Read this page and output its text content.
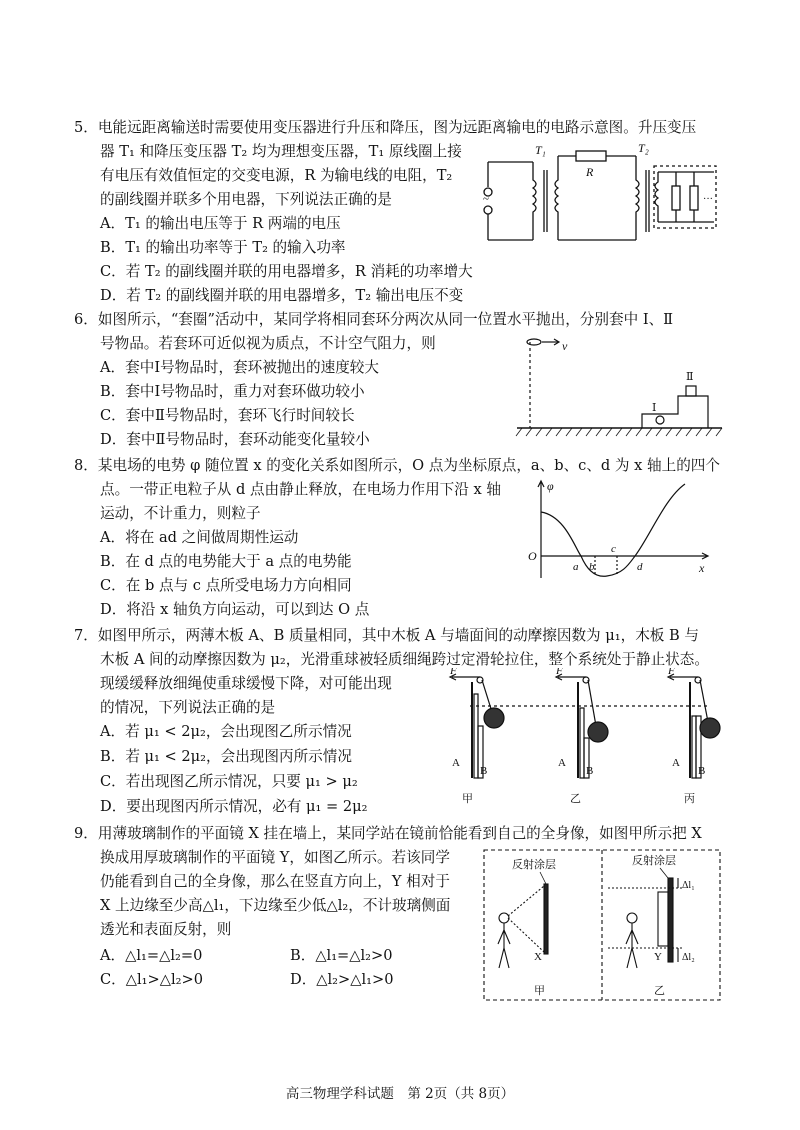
5．电能远距离输送时需要使用变压器进行升压和降压，图为远距离输电的电路示意图。升压变压
器 T₁ 和降压变压器 T₂ 均为理想变压器，T₁ 原线圈上接
有电压有效值恒定的交变电源，R 为输电线的电阻，T₂
的副线圈并联多个用电器，下列说法正确的是
A．T₁ 的输出电压等于 R 两端的电压
B．T₁ 的输出功率等于 T₂ 的输入功率
C．若 T₂ 的副线圈并联的用电器增多，R 消耗的功率增大
D．若 T₂ 的副线圈并联的用电器增多，T₂ 输出电压不变
~
T₁
R
T₂
···
6．如图所示，“套圈”活动中，某同学将相同套环分两次从同一位置水平抛出，分别套中 Ⅰ、Ⅱ
号物品。若套环可近似视为质点，不计空气阻力，则
A．套中Ⅰ号物品时，套环被抛出的速度较大
B．套中Ⅰ号物品时，重力对套环做功较小
C．套中Ⅱ号物品时，套环飞行时间较长
D．套中Ⅱ号物品时，套环动能变化量较小
v
Ⅰ
Ⅱ
8．某电场的电势 φ 随位置 x 的变化关系如图所示，O 点为坐标原点，a、b、c、d 为 x 轴上的四个
点。一带正电粒子从 d 点由静止释放，在电场力作用下沿 x 轴
运动，不计重力，则粒子
A．将在 ad 之间做周期性运动
B．在 d 点的电势能大于 a 点的电势能
C．在 b 点与 c 点所受电场力方向相同
D．将沿 x 轴负方向运动，可以到达 O 点
φ
x
O
a b
c
d
7．如图甲所示，两薄木板 A、B 质量相同，其中木板 A 与墙面间的动摩擦因数为 μ₁，木板 B 与
木板 A 间的动摩擦因数为 μ₂，光滑重球被轻质细绳跨过定滑轮拉住，整个系统处于静止状态。
现缓缓释放细绳使重球缓慢下降，对可能出现
的情况，下列说法正确的是
A．若 μ₁ < 2μ₂，会出现图乙所示情况
B．若 μ₁ < 2μ₂，会出现图丙所示情况
C．若出现图乙所示情况，只要 μ₁ > μ₂
D．要出现图丙所示情况，必有 μ₁ = 2μ₂
F
A
B
甲
F
A
B
乙
F
A
B
丙
9．用薄玻璃制作的平面镜 X 挂在墙上，某同学站在镜前恰能看到自己的全身像，如图甲所示把 X
换成用厚玻璃制作的平面镜 Y，如图乙所示。若该同学
仍能看到自己的全身像，那么在竖直方向上，Y 相对于
X 上边缘至少高△l₁，下边缘至少低△l₂，不计玻璃侧面
透光和表面反射，则
A．△l₁=△l₂=0	B．△l₁=△l₂>0
C．△l₁>△l₂>0	D．△l₂>△l₁>0
反射涂层
X
甲
反射涂层
Y
Δl₁
Δl₂
乙
高三物理学科试题　第 2页（共 8页）
